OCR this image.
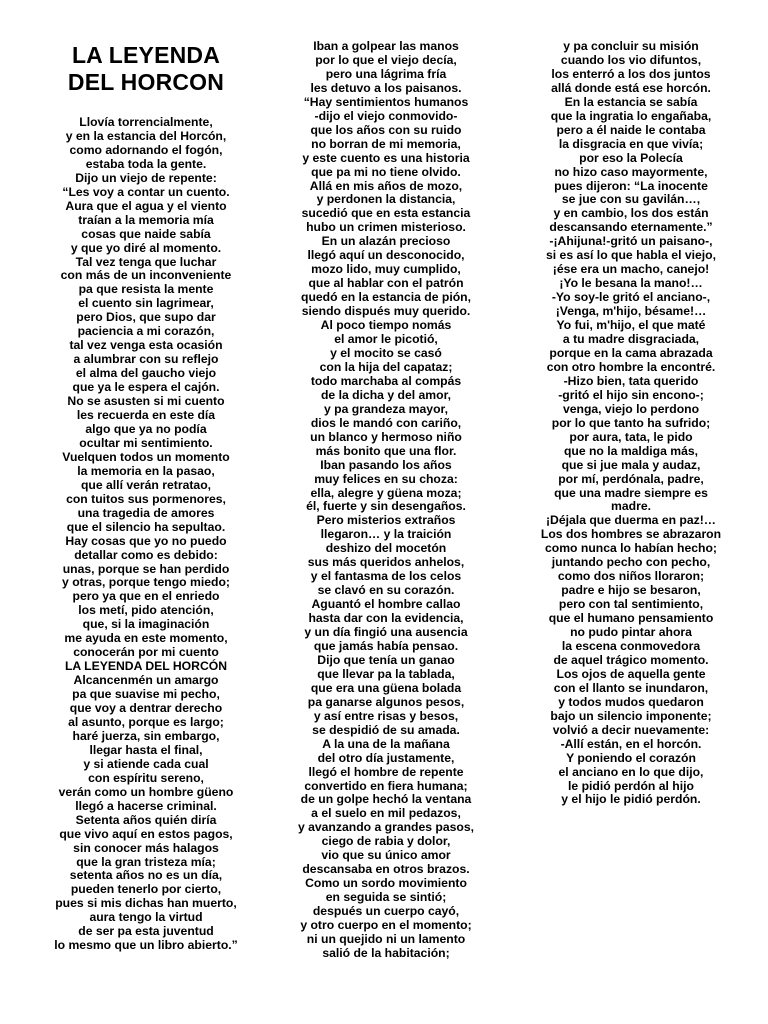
LA LEYENDA
DEL HORCON
Llovía torrencialmente,
y en la estancia del Horcón,
como adornando el fogón,
estaba toda la gente.
Dijo un viejo de repente:
“Les voy a contar un cuento.
Aura que el agua y el viento
traían a la memoria mía
cosas que naide sabía
y que yo diré al momento.
Tal vez tenga que luchar
con más de un inconveniente
pa que resista la mente
el cuento sin lagrimear,
pero Dios, que supo dar
paciencia a mi corazón,
tal vez venga esta ocasión
a alumbrar con su reflejo
el alma del gaucho viejo
que ya le espera el cajón.
No se asusten si mi cuento
les recuerda en este día
algo que ya no podía
ocultar mi sentimiento.
Vuelquen todos un momento
la memoria en la pasao,
que allí verán retratao,
con tuitos sus pormenores,
una tragedia de amores
que el silencio ha sepultao.
Hay cosas que yo no puedo
detallar como es debido:
unas, porque se han perdido
y otras, porque tengo miedo;
pero ya que en el enriedo
los metí, pido atención,
que, si la imaginación
me ayuda en este momento,
conocerán por mi cuento
LA LEYENDA DEL HORCÓN
Alcancenmén un amargo
pa que suavise mi pecho,
que voy a dentrar derecho
al asunto, porque es largo;
haré juerza, sin embargo,
llegar hasta el final,
y si atiende cada cual
con espíritu sereno,
verán como un hombre güeno
llegó a hacerse criminal.
Setenta años quién diría
que vivo aquí en estos pagos,
sin conocer más halagos
que la gran tristeza mía;
setenta años no es un día,
pueden tenerlo por cierto,
pues si mis dichas han muerto,
aura tengo la virtud
de ser pa esta juventud
lo mesmo que un libro abierto.”
Iban a golpear las manos
por lo que el viejo decía,
pero una lágrima fría
les detuvo a los paisanos.
“Hay sentimientos humanos
-dijo el viejo conmovido-
que los años con su ruido
no borran de mi memoria,
y este cuento es una historia
que pa mi no tiene olvido.
Allá en mis años de mozo,
y perdonen la distancia,
sucedió que en esta estancia
hubo un crimen misterioso.
En un alazán precioso
llegó aquí un desconocido,
mozo lido, muy cumplido,
que al hablar con el patrón
quedó en la estancia de pión,
siendo dispués muy querido.
Al poco tiempo nomás
el amor le picotió,
y el mocito se casó
con la hija del capataz;
todo marchaba al compás
de la dicha y del amor,
y pa grandeza mayor,
dios le mandó con cariño,
un blanco y hermoso niño
más bonito que una flor.
Iban pasando los años
muy felices en su choza:
ella, alegre y güena moza;
él, fuerte y sin desengaños.
Pero misterios extraños
llegaron… y la traición
deshizo del mocetón
sus más queridos anhelos,
y el fantasma de los celos
se clavó en su corazón.
Aguantó el hombre callao
hasta dar con la evidencia,
y un día fingió una ausencia
que jamás había pensao.
Dijo que tenía un ganao
que llevar pa la tablada,
que era una güena bolada
pa ganarse algunos pesos,
y así entre risas y besos,
se despidió de su amada.
A la una de la mañana
del otro día justamente,
llegó el hombre de repente
convertido en fiera humana;
de un golpe hechó la ventana
a el suelo en mil pedazos,
y avanzando a grandes pasos,
ciego de rabia y dolor,
vio que su único amor
descansaba en otros brazos.
Como un sordo movimiento
en seguida se sintió;
después un cuerpo cayó,
y otro cuerpo en el momento;
ni un quejido ni un lamento
salió de la habitación;
y pa concluir su misión
cuando los vio difuntos,
los enterró a los dos juntos
allá donde está ese horcón.
En la estancia se sabía
que la ingratia lo engañaba,
pero a él naide le contaba
la disgracia en que vivía;
por eso la Polecía
no hizo caso mayormente,
pues dijeron: “La inocente
se jue con su gavilán…,
y en cambio, los dos están
descansando eternamente.”
-¡Ahijuna!-gritó un paisano-,
si es así lo que habla el viejo,
¡ése era un macho, canejo!
¡Yo le besana la mano!…
-Yo soy-le gritó el anciano-,
¡Venga, m'hijo, bésame!…
Yo fui, m'hijo, el que maté
a tu madre disgraciada,
porque en la cama abrazada
con otro hombre la encontré.
-Hizo bien, tata querido
-gritó el hijo sin encono-;
venga, viejo lo perdono
por lo que tanto ha sufrido;
por aura, tata, le pido
que no la maldiga más,
que si jue mala y audaz,
por mí, perdónala, padre,
que una madre siempre es
madre.
¡Déjala que duerma en paz!…
Los dos hombres se abrazaron
como nunca lo habían hecho;
juntando pecho con pecho,
como dos niños lloraron;
padre e hijo se besaron,
pero con tal sentimiento,
que el humano pensamiento
no pudo pintar ahora
la escena conmovedora
de aquel trágico momento.
Los ojos de aquella gente
con el llanto se inundaron,
y todos mudos quedaron
bajo un silencio imponente;
volvió a decir nuevamente:
-Allí están, en el horcón.
Y poniendo el corazón
el anciano en lo que dijo,
le pidió perdón al hijo
y el hijo le pidió perdón.
